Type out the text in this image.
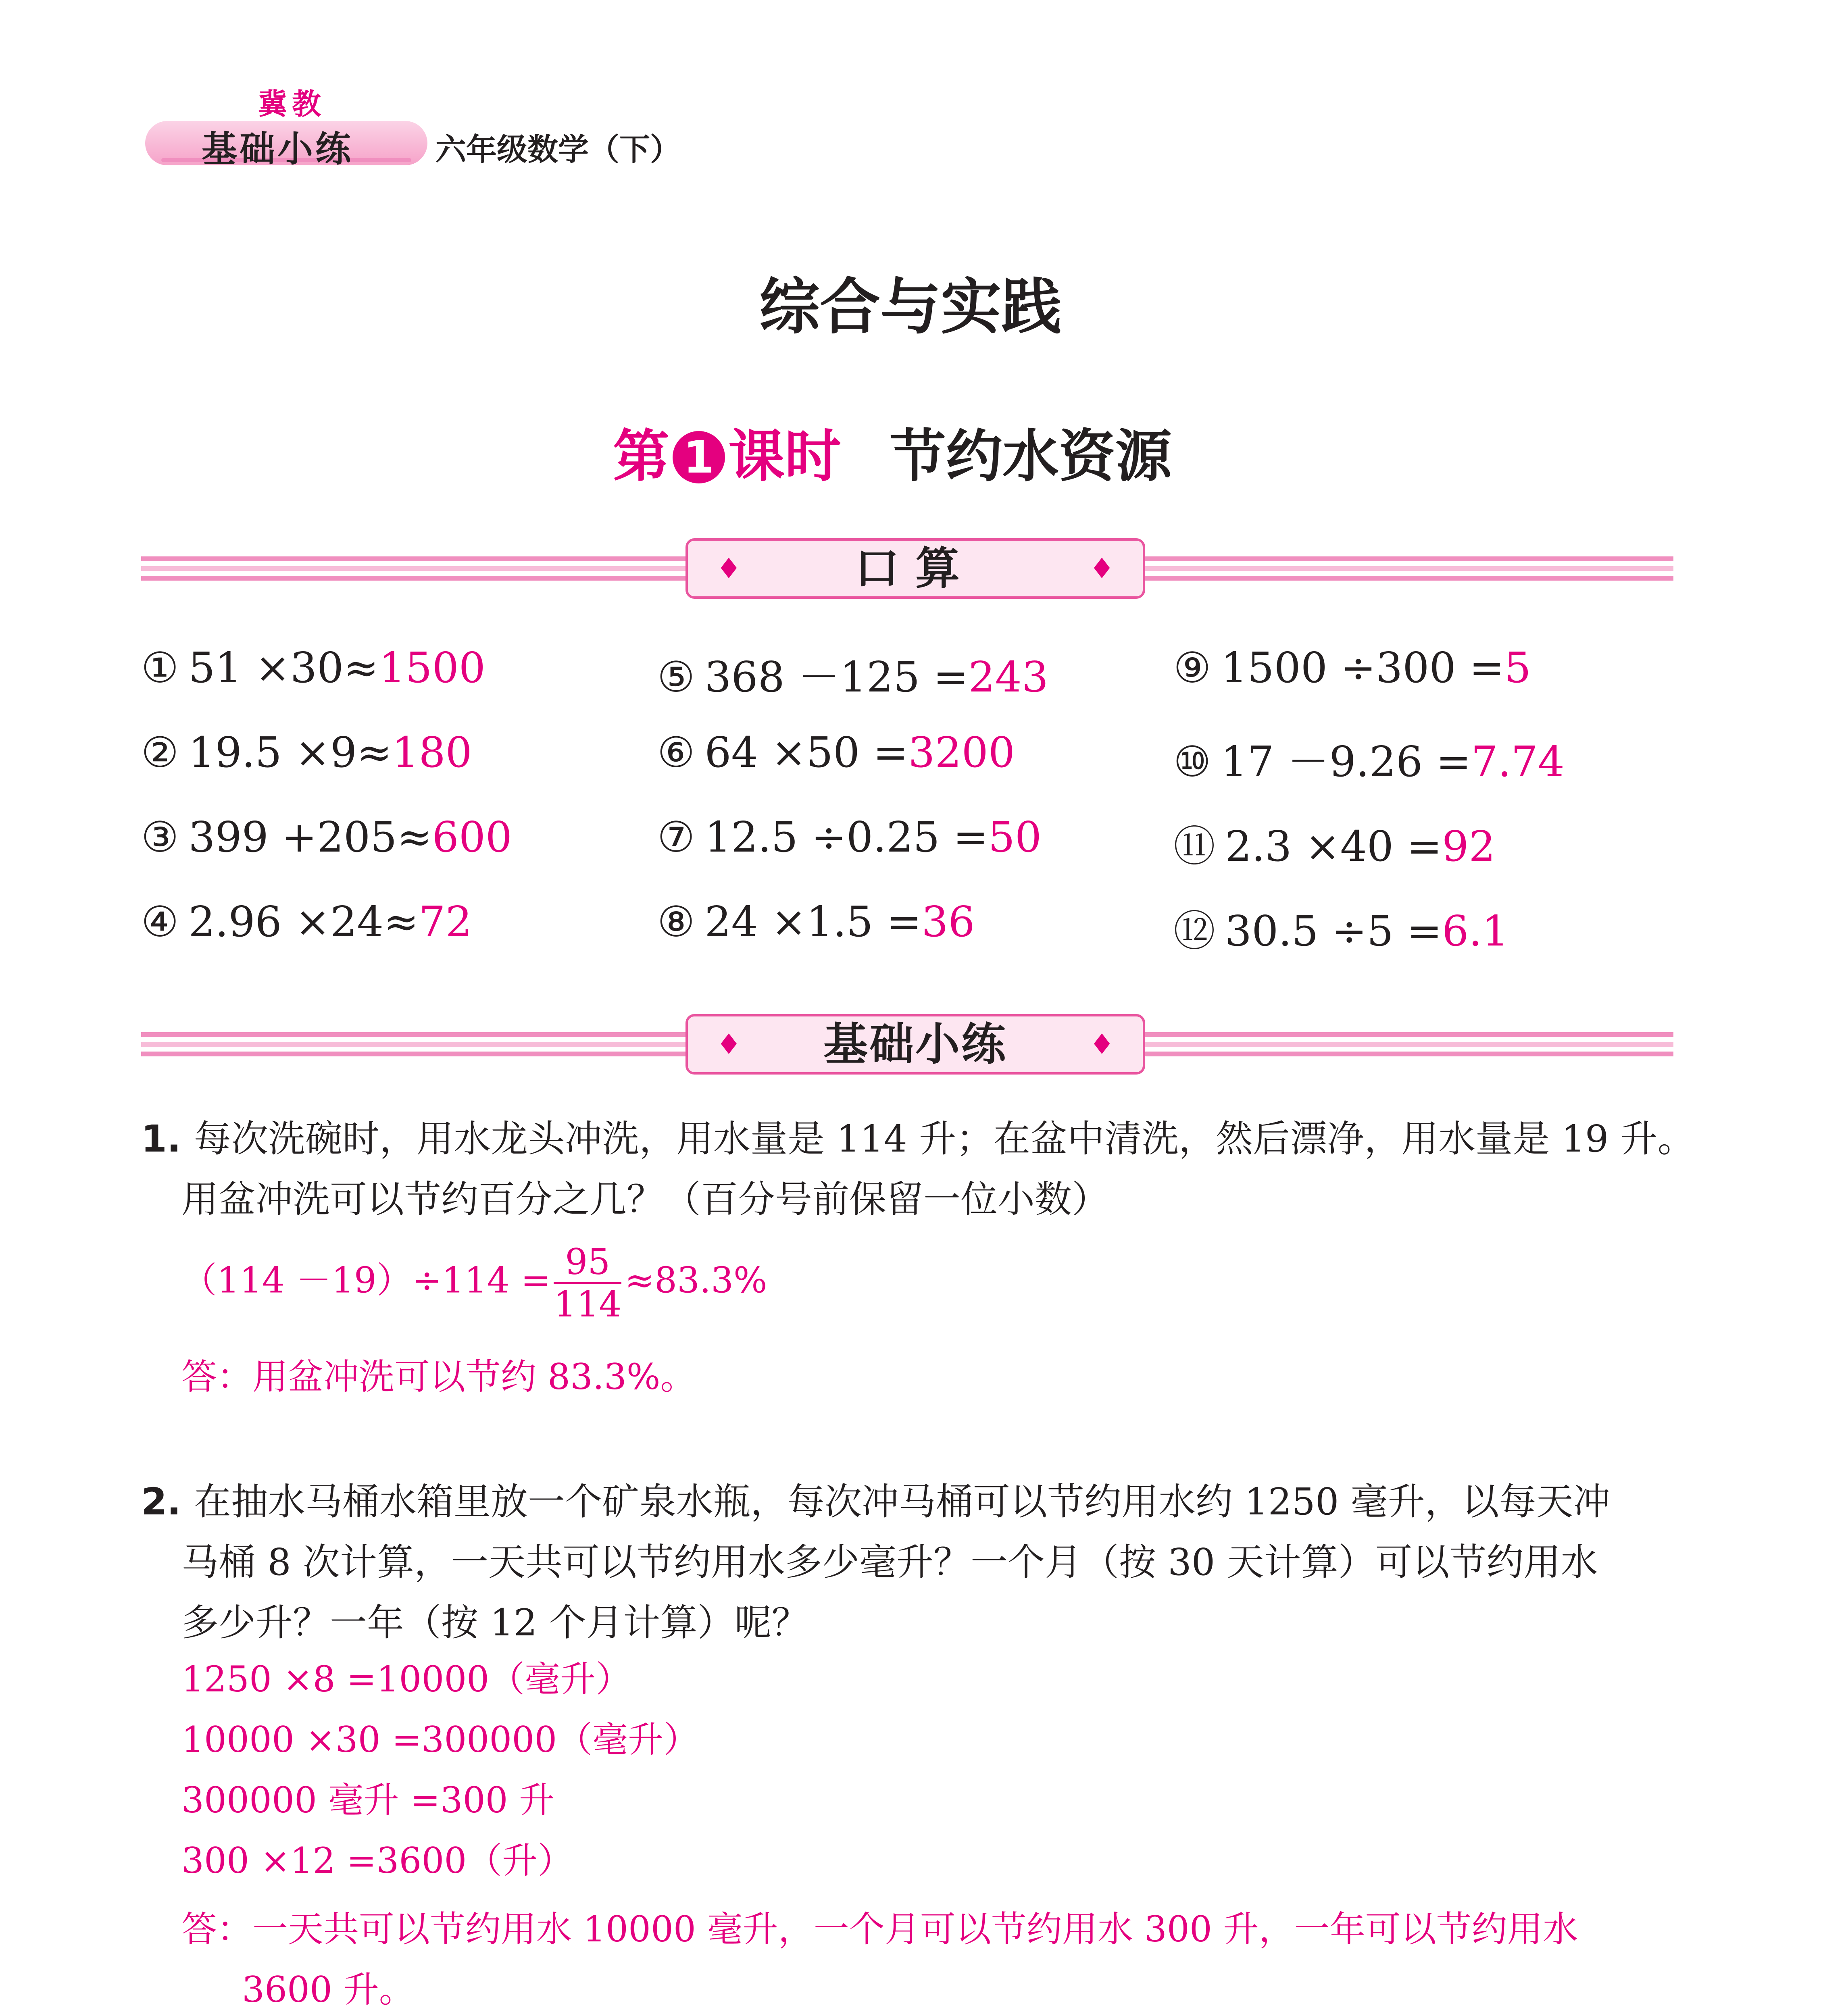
冀教
基础小练	六年级数学（下）
综合与实践
第 1 课时 节约水资源
♦	口算	♦
① 51 ×30≈1500
② 19.5 ×9≈180
③ 399 +205≈600
④ 2.96 ×24≈72
⑤ 368 －125 =243
⑥ 64 ×50 =3200
⑦ 12.5 ÷0.25 =50
⑧ 24 ×1.5 =36
⑨ 1500 ÷300 =5
⑩ 17 －9.26 =7.74
⑪ 2.3 ×40 =92
⑫ 30.5 ÷5 =6.1
♦	基础小练	♦
1. 每次洗碗时，用水龙头冲洗，用水量是 114 升；在盆中清洗，然后漂净，用水量是 19 升。
用盆冲洗可以节约百分之几？（百分号前保留一位小数）
$(114 -19)\div 114 = \frac{95}{114} \approx 83.3\%$
答：用盆冲洗可以节约 83.3%。
2. 在抽水马桶水箱里放一个矿泉水瓶，每次冲马桶可以节约用水约 1250 毫升，以每天冲
马桶 8 次计算，一天共可以节约用水多少毫升？一个月（按 30 天计算）可以节约用水
多少升？一年（按 12 个月计算）呢？
1250 ×8 =10000（毫升）
10000 ×30 =300000（毫升）
300000 毫升 =300 升
300 ×12 =3600（升）
答：一天共可以节约用水 10000 毫升，一个月可以节约用水 300 升，一年可以节约用水
3600 升。
